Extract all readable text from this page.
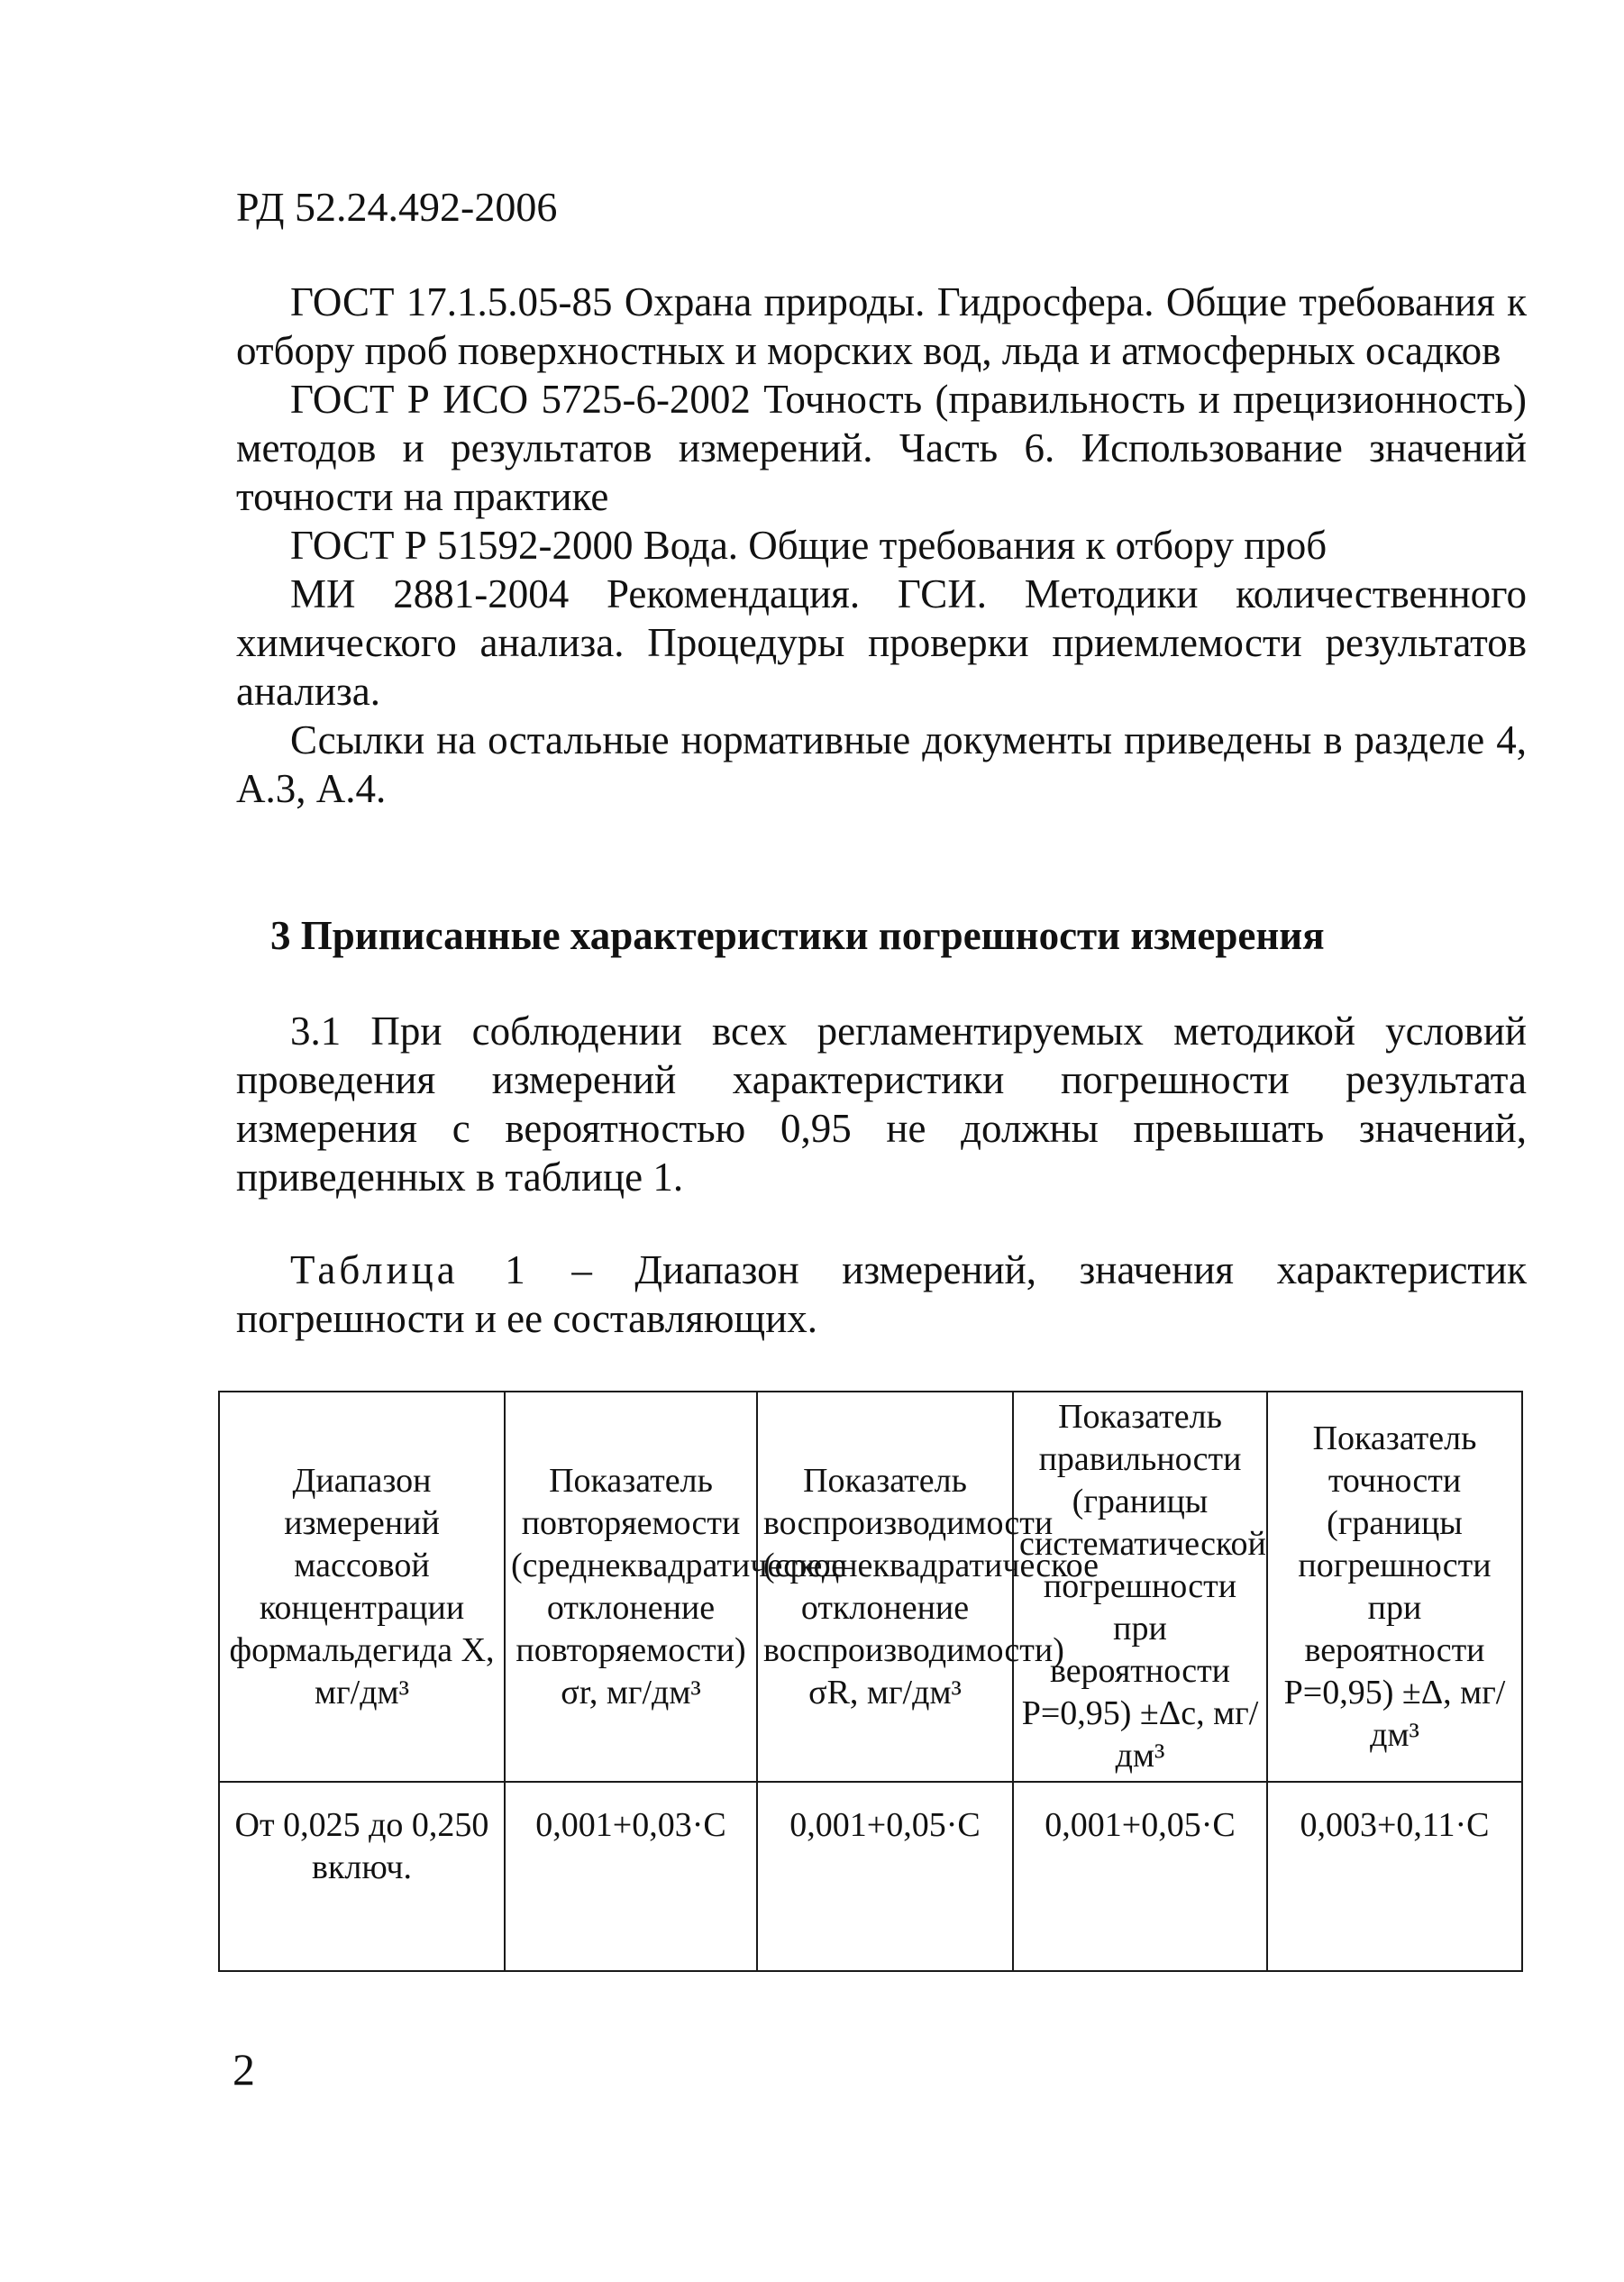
РД 52.24.492-2006

ГОСТ 17.1.5.05-85 Охрана природы. Гидросфера. Общие требования к отбору проб поверхностных и морских вод, льда и атмосферных осадков

ГОСТ Р ИСО 5725-6-2002 Точность (правильность и прецизионность) методов и результатов измерений. Часть 6. Использование значений точности на практике

ГОСТ Р 51592-2000 Вода. Общие требования к отбору проб

МИ 2881-2004 Рекомендация. ГСИ. Методики количественного химического анализа. Процедуры проверки приемлемости результатов анализа.

Ссылки на остальные нормативные документы приведены в разделе 4, А.3, А.4.

3 Приписанные характеристики погрешности измерения

3.1 При соблюдении всех регламентируемых методикой условий проведения измерений характеристики погрешности результата измерения с вероятностью 0,95 не должны превышать значений, приведенных в таблице 1.

Таблица 1 – Диапазон измерений, значения характеристик погрешности и ее составляющих.
Диапазон измерений массовой концентрации формальдегида Х, мг/дм³	Показатель повторяемости (среднеквадратическое отклонение повторяемости) σr, мг/дм³	Показатель воспроизводимости (среднеквадратическое отклонение воспроизводимости) σR, мг/дм³	Показатель правильности (границы систематической погрешности при вероятности Р=0,95) ±Δc, мг/дм³	Показатель точности (границы погрешности при вероятности Р=0,95) ±Δ, мг/дм³
От 0,025 до 0,250 включ.	0,001+0,03·С	0,001+0,05·С	0,001+0,05·С	0,003+0,11·С
2
